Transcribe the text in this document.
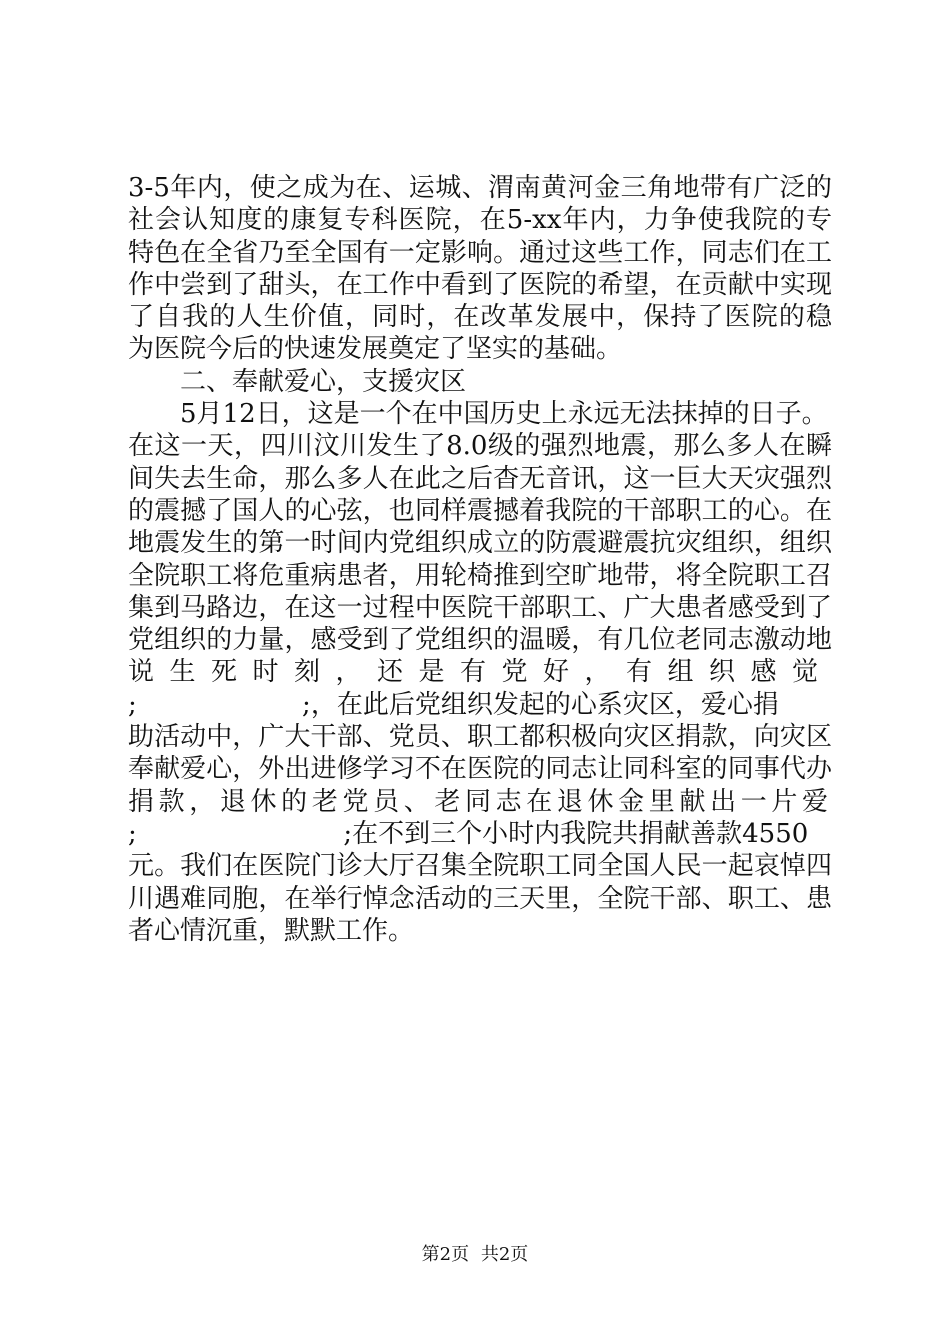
3-5年内，使之成为在、运城、渭南黄河金三角地带有广泛的
社会认知度的康复专科医院，在5-xx年内，力争使我院的专
特色在全省乃至全国有一定影响。通过这些工作，同志们在工
作中尝到了甜头，在工作中看到了医院的希望，在贡献中实现
了自我的人生价值，同时，在改革发展中，保持了医院的稳
为医院今后的快速发展奠定了坚实的基础。
二、奉献爱心，支援灾区
5月12日，这是一个在中国历史上永远无法抹掉的日子。
在这一天，四川汶川发生了8.0级的强烈地震，那么多人在瞬
间失去生命，那么多人在此之后杳无音讯，这一巨大天灾强烈
的震撼了国人的心弦，也同样震撼着我院的干部职工的心。在
地震发生的第一时间内党组织成立的防震避震抗灾组织，组织
全院职工将危重病患者，用轮椅推到空旷地带，将全院职工召
集到马路边，在这一过程中医院干部职工、广大患者感受到了
党组织的力量，感受到了党组织的温暖，有几位老同志激动地
说生死时刻，还是有党好，有组织感觉
;                    ;，在此后党组织发起的心系灾区，爱心捐
助活动中，广大干部、党员、职工都积极向灾区捐款，向灾区
奉献爱心，外出进修学习不在医院的同志让同科室的同事代办
捐款，退休的老党员、老同志在退休金里献出一片爱
;                         ;在不到三个小时内我院共捐献善款4550
元。我们在医院门诊大厅召集全院职工同全国人民一起哀悼四
川遇难同胞，在举行悼念活动的三天里，全院干部、职工、患
者心情沉重，默默工作。
第2页 共2页
